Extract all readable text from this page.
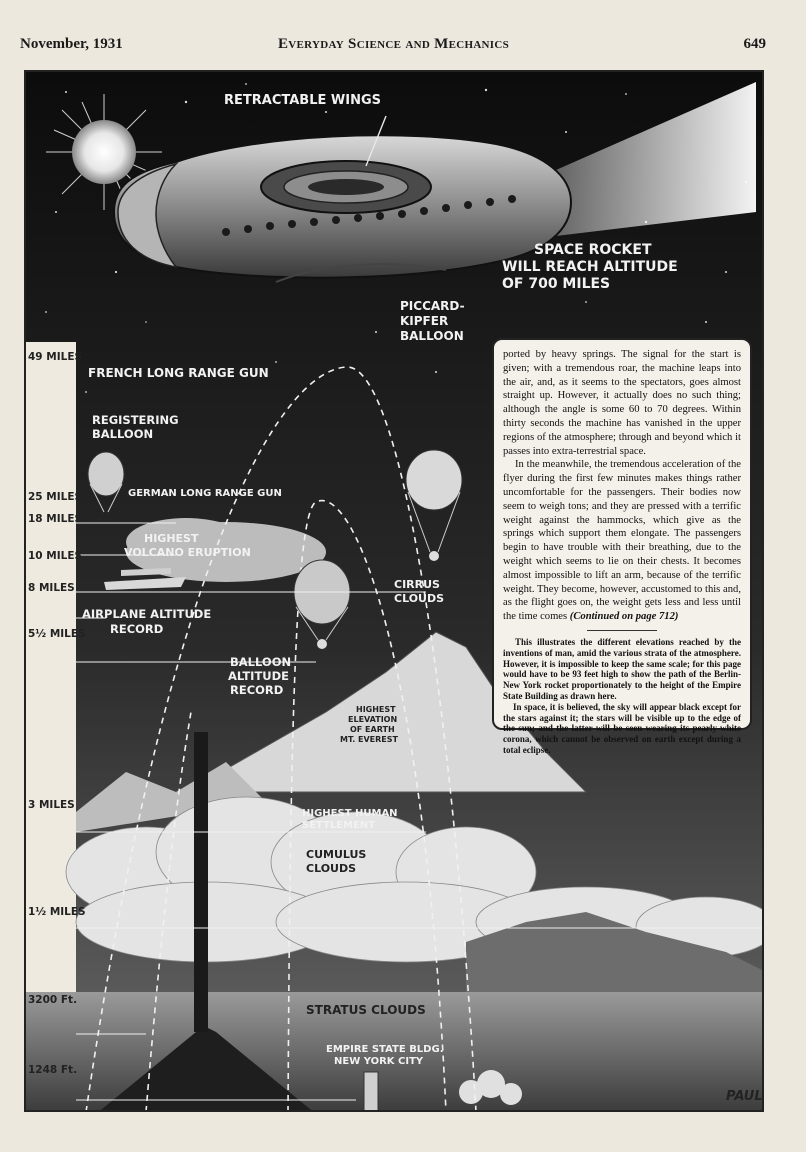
November, 1931	Everyday Science and Mechanics	649
49 MILES
25 MILES
18 MILES
10 MILES
8 MILES
5½ MILES
3 MILES
1½ MILES
3200 Ft.
1248 Ft.
RETRACTABLE WINGS
SPACE ROCKET
WILL REACH ALTITUDE
OF 700 MILES
PICCARD-
KIPFER
BALLOON
FRENCH LONG RANGE GUN
REGISTERING
BALLOON
GERMAN LONG RANGE GUN
HIGHEST
VOLCANO ERUPTION
CIRRUS
CLOUDS
AIRPLANE ALTITUDE
RECORD
BALLOON
ALTITUDE
RECORD
HIGHEST
ELEVATION
OF EARTH
MT. EVEREST
HIGHEST HUMAN
SETTLEMENT
CUMULUS
CLOUDS
STRATUS CLOUDS
EMPIRE STATE BLDG.
NEW YORK CITY
PAUL

ported by heavy springs. The signal for the start is given; with a tremendous roar, the machine leaps into the air, and, as it seems to the spectators, goes almost straight up. However, it actually does no such thing; although the angle is some 60 to 70 degrees. Within thirty seconds the machine has vanished in the upper regions of the atmosphere; through and beyond which it passes into extra-terrestrial space.

In the meanwhile, the tremendous acceleration of the flyer during the first few minutes makes things rather uncomfortable for the passengers. Their bodies now seem to weigh tons; and they are pressed with a terrific weight against the hammocks, which give as the springs which support them elongate. The passengers begin to have trouble with their breathing, due to the weight which seems to lie on their chests. It becomes almost impossible to lift an arm, because of the terrific weight. They become, however, accustomed to this and, as the flight goes on, the weight gets less and less until the time comes (Continued on page 712)

This illustrates the different elevations reached by the inventions of man, amid the various strata of the atmosphere. However, it is impossible to keep the same scale; for this page would have to be 93 feet high to show the path of the Berlin-New York rocket proportionately to the height of the Empire State Building as drawn here.

In space, it is believed, the sky will appear black except for the stars against it; the stars will be visible up to the edge of the sun; and the latter will be seen wearing its pearly-white corona, which cannot be observed on earth except during a total eclipse.
